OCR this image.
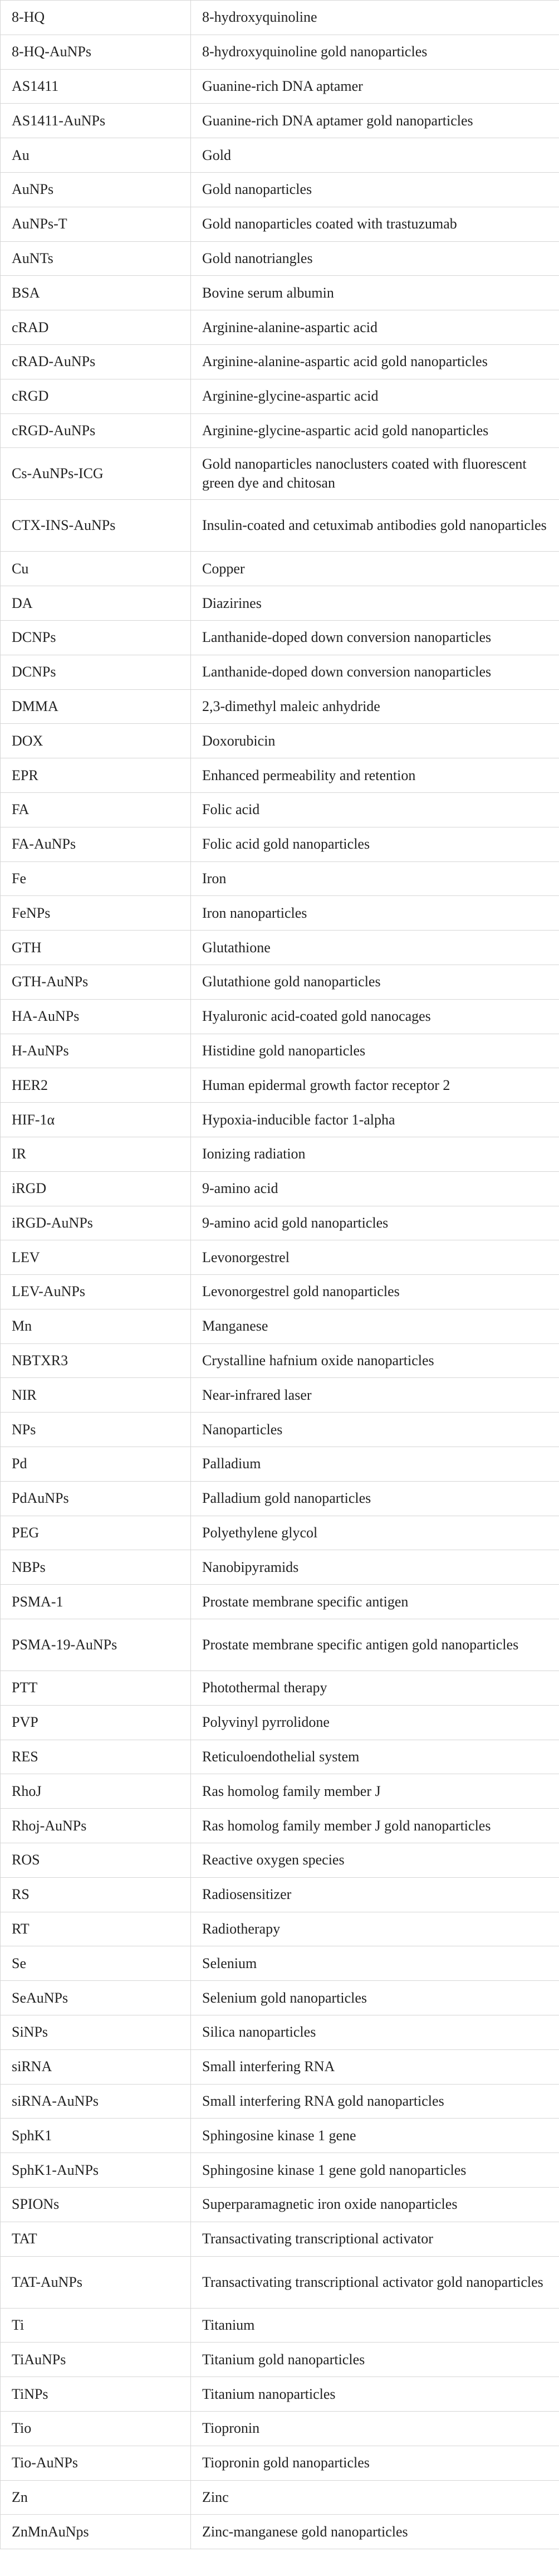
8-HQ	8-hydroxyquinoline

8-HQ-AuNPs	8-hydroxyquinoline gold nanoparticles

AS1411	Guanine-rich DNA aptamer

AS1411-AuNPs	Guanine-rich DNA aptamer gold nanoparticles

Au	Gold

AuNPs	Gold nanoparticles

AuNPs-T	Gold nanoparticles coated with trastuzumab

AuNTs	Gold nanotriangles

BSA	Bovine serum albumin

cRAD	Arginine-alanine-aspartic acid

cRAD-AuNPs	Arginine-alanine-aspartic acid gold nanoparticles

cRGD	Arginine-glycine-aspartic acid

cRGD-AuNPs	Arginine-glycine-aspartic acid gold nanoparticles

Cs-AuNPs-ICG	Gold nanoparticles nanoclusters coated with fluorescent green dye and chitosan

CTX-INS-AuNPs	Insulin-coated and cetuximab antibodies gold nanoparticles

Cu	Copper

DA	Diazirines

DCNPs	Lanthanide-doped down conversion nanoparticles

DCNPs	Lanthanide-doped down conversion nanoparticles

DMMA	2,3-dimethyl maleic anhydride

DOX	Doxorubicin

EPR	Enhanced permeability and retention

FA	Folic acid

FA-AuNPs	Folic acid gold nanoparticles

Fe	Iron

FeNPs	Iron nanoparticles

GTH	Glutathione

GTH-AuNPs	Glutathione gold nanoparticles

HA-AuNPs	Hyaluronic acid-coated gold nanocages

H-AuNPs	Histidine gold nanoparticles

HER2	Human epidermal growth factor receptor 2

HIF-1α	Hypoxia-inducible factor 1-alpha

IR	Ionizing radiation

iRGD	9-amino acid

iRGD-AuNPs	9-amino acid gold nanoparticles

LEV	Levonorgestrel

LEV-AuNPs	Levonorgestrel gold nanoparticles

Mn	Manganese

NBTXR3	Crystalline hafnium oxide nanoparticles

NIR	Near-infrared laser

NPs	Nanoparticles

Pd	Palladium

PdAuNPs	Palladium gold nanoparticles

PEG	Polyethylene glycol

NBPs	Nanobipyramids

PSMA-1	Prostate membrane specific antigen

PSMA-19-AuNPs	Prostate membrane specific antigen gold nanoparticles

PTT	Photothermal therapy

PVP	Polyvinyl pyrrolidone

RES	Reticuloendothelial system

RhoJ	Ras homolog family member J

Rhoj-AuNPs	Ras homolog family member J gold nanoparticles

ROS	Reactive oxygen species

RS	Radiosensitizer

RT	Radiotherapy

Se	Selenium

SeAuNPs	Selenium gold nanoparticles

SiNPs	Silica nanoparticles

siRNA	Small interfering RNA

siRNA-AuNPs	Small interfering RNA gold nanoparticles

SphK1	Sphingosine kinase 1 gene

SphK1-AuNPs	Sphingosine kinase 1 gene gold nanoparticles

SPIONs	Superparamagnetic iron oxide nanoparticles

TAT	Transactivating transcriptional activator

TAT-AuNPs	Transactivating transcriptional activator gold nanoparticles

Ti	Titanium

TiAuNPs	Titanium gold nanoparticles

TiNPs	Titanium nanoparticles

Tio	Tiopronin

Tio-AuNPs	Tiopronin gold nanoparticles

Zn	Zinc

ZnMnAuNps	Zinc-manganese gold nanoparticles
